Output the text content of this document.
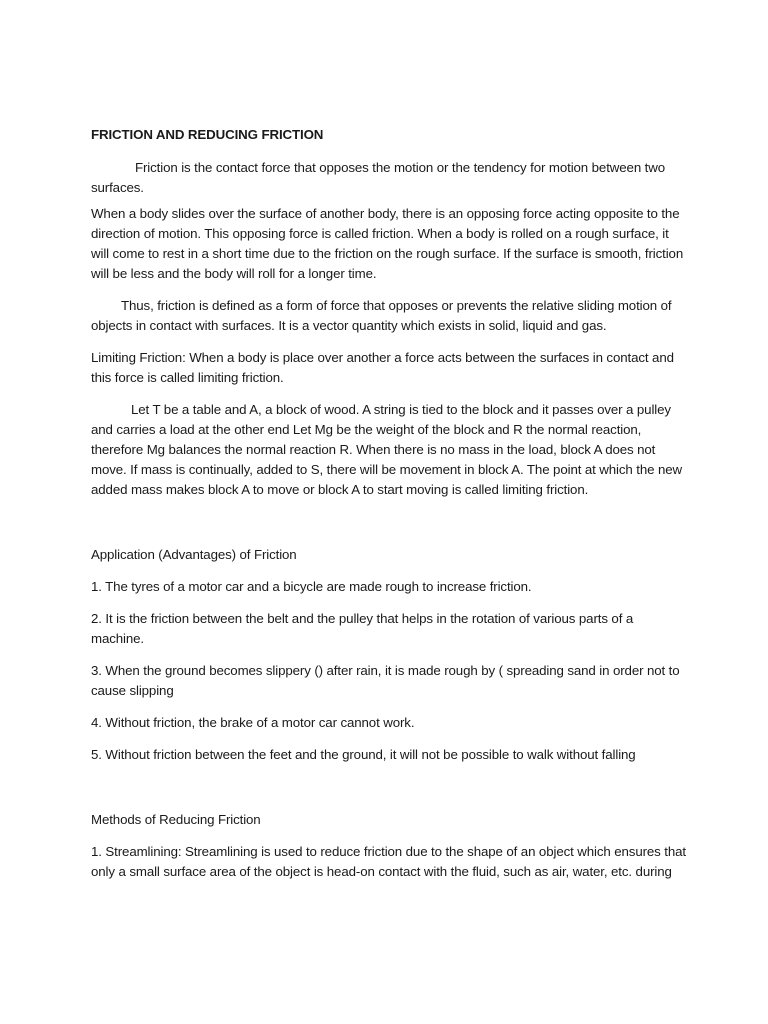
FRICTION AND REDUCING FRICTION

Friction is the contact force that opposes the motion or the tendency for motion between two surfaces.

When a body slides over the surface of another body, there is an opposing force acting opposite to the direction of motion. This opposing force is called friction. When a body is rolled on a rough surface, it will come to rest in a short time due to the friction on the rough surface. If the surface is smooth, friction will be less and the body will roll for a longer time.

Thus, friction is defined as a form of force that opposes or prevents the relative sliding motion of objects in contact with surfaces. It is a vector quantity which exists in solid, liquid and gas.

Limiting Friction: When a body is place over another a force acts between the surfaces in contact and this force is called limiting friction.

Let T be a table and A, a block of wood. A string is tied to the block and it passes over a pulley and carries a load at the other end Let Mg be the weight of the block and R the normal reaction, therefore Mg balances the normal reaction R. When there is no mass in the load, block A does not move. If mass is continually, added to S, there will be movement in block A. The point at which the new added mass makes block A to move or block A to start moving is called limiting friction.

Application (Advantages) of Friction

1. The tyres of a motor car and a bicycle are made rough to increase friction.

2. It is the friction between the belt and the pulley that helps in the rotation of various parts of a machine.

3. When the ground becomes slippery () after rain, it is made rough by ( spreading sand in order not to cause slipping

4. Without friction, the brake of a motor car cannot work.

5. Without friction between the feet and the ground, it will not be possible to walk without falling

Methods of Reducing Friction

1. Streamlining: Streamlining is used to reduce friction due to the shape of an object which ensures that only a small surface area of the object is head-on contact with the fluid, such as air, water, etc. during
